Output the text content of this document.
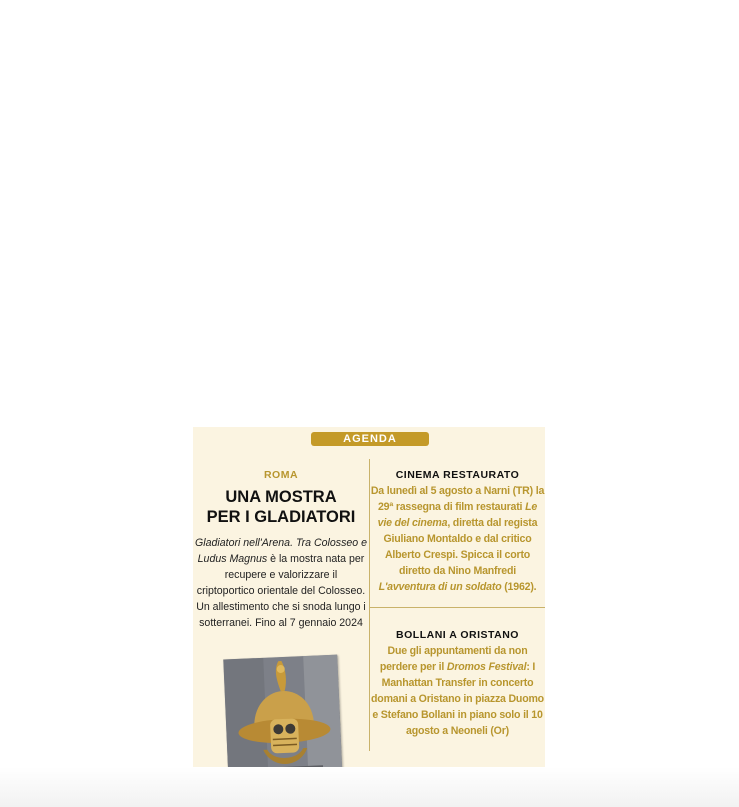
AGENDA
ROMA
UNA MOSTRA
PER I GLADIATORI
Gladiatori nell'Arena. Tra Colosseo e Ludus Magnus è la mostra nata per recupere e valorizzare il criptoportico orientale del Colosseo. Un allestimento che si snoda lungo i sotterranei. Fino al 7 gennaio 2024
CINEMA RESTAURATO
Da lunedì al 5 agosto a Narni (TR) la 29ª rassegna di film restaurati Le vie del cinema, diretta dal regista Giuliano Montaldo e dal critico Alberto Crespi. Spicca il corto diretto da Nino Manfredi L'avventura di un soldato (1962).
BOLLANI A ORISTANO
Due gli appuntamenti da non perdere per il Dromos Festival: I Manhattan Transfer in concerto domani a Oristano in piazza Duomo e Stefano Bollani in piano solo il 10 agosto a Neoneli (Or)
